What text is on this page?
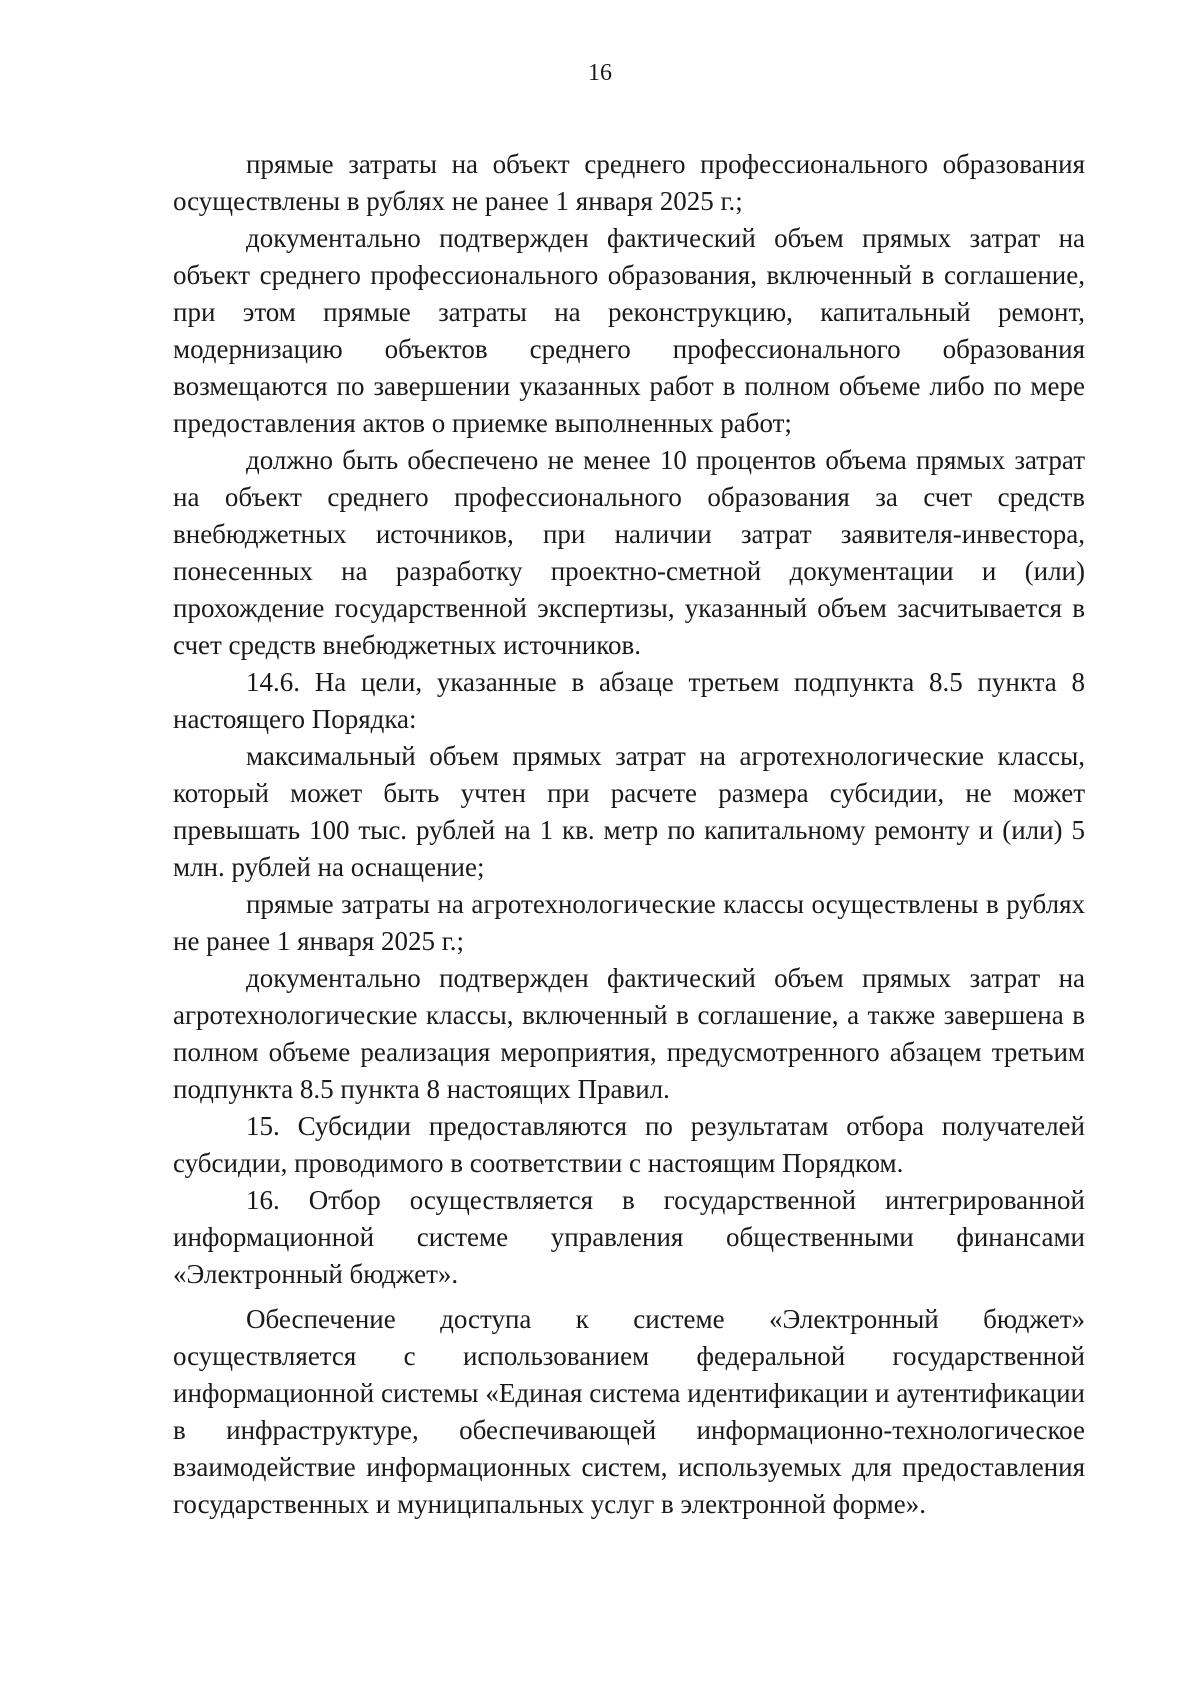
16

прямые затраты на объект среднего профессионального образования осуществлены в рублях не ранее 1 января 2025 г.;

документально подтвержден фактический объем прямых затрат на объект среднего профессионального образования, включенный в соглашение, при этом прямые затраты на реконструкцию, капитальный ремонт, модернизацию объектов среднего профессионального образования возмещаются по завершении указанных работ в полном объеме либо по мере предоставления актов о приемке выполненных работ;

должно быть обеспечено не менее 10 процентов объема прямых затрат на объект среднего профессионального образования за счет средств внебюджетных источников, при наличии затрат заявителя-инвестора, понесенных на разработку проектно-сметной документации и (или) прохождение государственной экспертизы, указанный объем засчитывается в счет средств внебюджетных источников.

14.6. На цели, указанные в абзаце третьем подпункта 8.5 пункта 8 настоящего Порядка:

максимальный объем прямых затрат на агротехнологические классы, который может быть учтен при расчете размера субсидии, не может превышать 100 тыс. рублей на 1 кв. метр по капитальному ремонту и (или) 5 млн. рублей на оснащение;

прямые затраты на агротехнологические классы осуществлены в рублях не ранее 1 января 2025 г.;

документально подтвержден фактический объем прямых затрат на агротехнологические классы, включенный в соглашение, а также завершена в полном объеме реализация мероприятия, предусмотренного абзацем третьим подпункта 8.5 пункта 8 настоящих Правил.

15. Субсидии предоставляются по результатам отбора получателей субсидии, проводимого в соответствии с настоящим Порядком.

16. Отбор осуществляется в государственной интегрированной информационной системе управления общественными финансами «Электронный бюджет».

Обеспечение доступа к системе «Электронный бюджет» осуществляется с использованием федеральной государственной информационной системы «Единая система идентификации и аутентификации в инфраструктуре, обеспечивающей информационно-технологическое взаимодействие информационных систем, используемых для предоставления государственных и муниципальных услуг в электронной форме».
